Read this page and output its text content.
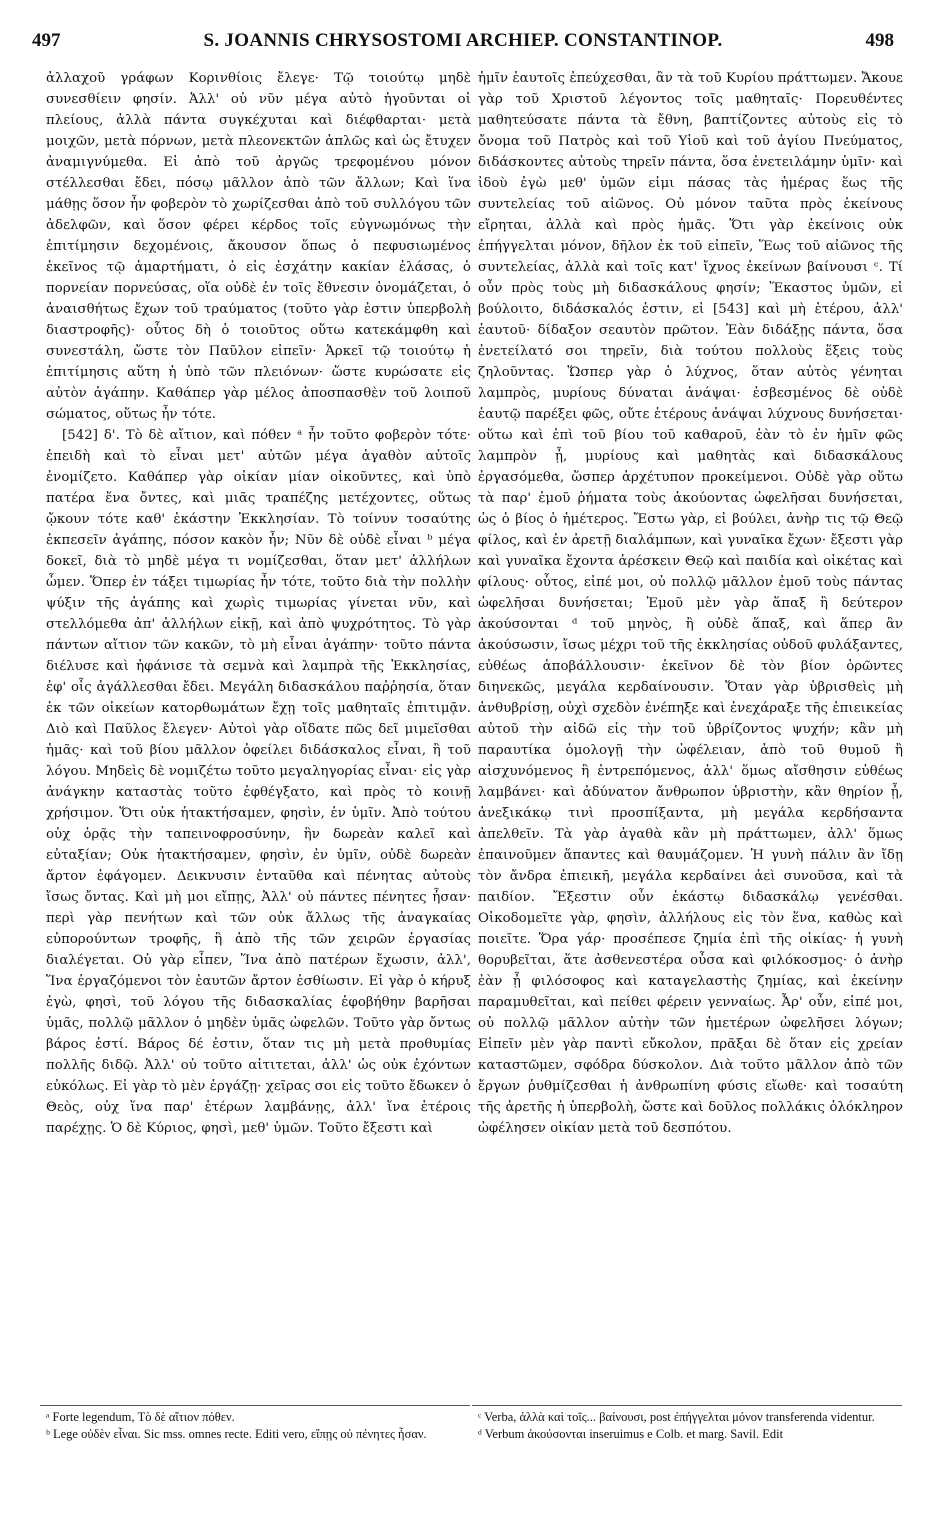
497	S. JOANNIS CHRYSOSTOMI ARCHIEP. CONSTANTINOP.	498

ἀλλαχοῦ γράφων Κορινθίοις ἔλεγε· Τῷ τοιούτῳ μηδὲ συνεσθίειν φησίν. Ἀλλ' οὐ νῦν μέγα αὐτὸ ἡγοῦνται οἱ πλείους, ἀλλὰ πάντα συγκέχυται καὶ διέφθαρται· μετὰ μοιχῶν, μετὰ πόρνων, μετὰ πλεονεκτῶν ἁπλῶς καὶ ὡς ἔτυχεν ἀναμιγνύμεθα. Εἰ ἀπὸ τοῦ ἀργῶς τρεφομένου μόνον στέλλεσθαι ἔδει, πόσῳ μᾶλλον ἀπὸ τῶν ἄλλων; Καὶ ἵνα μάθῃς ὅσον ἦν φοβερὸν τὸ χωρίζεσθαι ἀπὸ τοῦ συλλόγου τῶν ἀδελφῶν, καὶ ὅσον φέρει κέρδος τοῖς εὐγνωμόνως τὴν ἐπιτίμησιν δεχομένοις, ἄκουσον ὅπως ὁ πεφυσιωμένος ἐκεῖνος τῷ ἁμαρτήματι, ὁ εἰς ἐσχάτην κακίαν ἐλάσας, ὁ πορνείαν πορνεύσας, οἵα οὐδὲ ἐν τοῖς ἔθνεσιν ὀνομάζεται, ὁ ἀναισθήτως ἔχων τοῦ τραύματος (τοῦτο γὰρ ἐστιν ὑπερβολὴ διαστροφῆς)· οὗτος δὴ ὁ τοιοῦτος οὕτω κατεκάμφθη καὶ συνεστάλη, ὥστε τὸν Παῦλον εἰπεῖν· Ἀρκεῖ τῷ τοιούτῳ ἡ ἐπιτίμησις αὕτη ἡ ὑπὸ τῶν πλειόνων· ὥστε κυρώσατε εἰς αὐτὸν ἀγάπην. Καθάπερ γὰρ μέλος ἀποσπασθὲν τοῦ λοιποῦ σώματος, οὕτως ἦν τότε.

[542] δ'. Τὸ δὲ αἴτιον, καὶ πόθεν ᵃ ἦν τοῦτο φοβερὸν τότε· ἐπειδὴ καὶ τὸ εἶναι μετ' αὐτῶν μέγα ἀγαθὸν αὐτοῖς ἐνομίζετο. Καθάπερ γὰρ οἰκίαν μίαν οἰκοῦντες, καὶ ὑπὸ πατέρα ἕνα ὄντες, καὶ μιᾶς τραπέζης μετέχοντες, οὕτως ᾤκουν τότε καθ' ἑκάστην Ἐκκλησίαν. Τὸ τοίνυν τοσαύτης ἐκπεσεῖν ἀγάπης, πόσον κακὸν ἦν; Νῦν δὲ οὐδὲ εἶναι ᵇ μέγα δοκεῖ, διὰ τὸ μηδὲ μέγα τι νομίζεσθαι, ὅταν μετ' ἀλλήλων ὦμεν. Ὅπερ ἐν τάξει τιμωρίας ἦν τότε, τοῦτο διὰ τὴν πολλὴν ψύξιν τῆς ἀγάπης καὶ χωρὶς τιμωρίας γίνεται νῦν, καὶ στελλόμεθα ἀπ' ἀλλήλων εἰκῇ, καὶ ἀπὸ ψυχρότητος. Τὸ γὰρ πάντων αἴτιον τῶν κακῶν, τὸ μὴ εἶναι ἀγάπην· τοῦτο πάντα διέλυσε καὶ ἠφάνισε τὰ σεμνὰ καὶ λαμπρὰ τῆς Ἐκκλησίας, ἐφ' οἷς ἀγάλλεσθαι ἔδει. Μεγάλη διδασκάλου παῤῥησία, ὅταν ἐκ τῶν οἰκείων κατορθωμάτων ἔχῃ τοῖς μαθηταῖς ἐπιτιμᾷν. Διὸ καὶ Παῦλος ἔλεγεν· Αὐτοὶ γὰρ οἴδατε πῶς δεῖ μιμεῖσθαι ἡμᾶς· καὶ τοῦ βίου μᾶλλον ὀφείλει διδάσκαλος εἶναι, ἢ τοῦ λόγου. Μηδεὶς δὲ νομιζέτω τοῦτο μεγαληγορίας εἶναι· εἰς γὰρ ἀνάγκην καταστὰς τοῦτο ἐφθέγξατο, καὶ πρὸς τὸ κοινῇ χρήσιμον. Ὅτι οὐκ ἠτακτήσαμεν, φησὶν, ἐν ὑμῖν. Ἀπὸ τούτου οὐχ ὁρᾷς τὴν ταπεινοφροσύνην, ἣν δωρεὰν καλεῖ καὶ εὐταξίαν; Οὐκ ἠτακτήσαμεν, φησὶν, ἐν ὑμῖν, οὐδὲ δωρεὰν ἄρτον ἐφάγομεν. Δεικνυσιν ἐνταῦθα καὶ πένητας αὐτοὺς ἴσως ὄντας. Καὶ μὴ μοι εἴπῃς, Ἀλλ' οὐ πάντες πένητες ἦσαν· περὶ γὰρ πενήτων καὶ τῶν οὐκ ἄλλως τῆς ἀναγκαίας εὐπορούντων τροφῆς, ἢ ἀπὸ τῆς τῶν χειρῶν ἐργασίας διαλέγεται. Οὐ γὰρ εἶπεν, Ἵνα ἀπὸ πατέρων ἔχωσιν, ἀλλ', Ἵνα ἐργαζόμενοι τὸν ἑαυτῶν ἄρτον ἐσθίωσιν. Εἰ γὰρ ὁ κήρυξ ἐγὼ, φησὶ, τοῦ λόγου τῆς διδασκαλίας ἐφοβήθην βαρῆσαι ὑμᾶς, πολλῷ μᾶλλον ὁ μηδὲν ὑμᾶς ὠφελῶν. Τοῦτο γὰρ ὄντως βάρος ἐστί. Βάρος δέ ἐστιν, ὅταν τις μὴ μετὰ προθυμίας πολλῆς διδῷ. Ἀλλ' οὐ τοῦτο αἰτιτεται, ἀλλ' ὡς οὐκ ἐχόντων εὐκόλως. Εἰ γὰρ τὸ μὲν ἐργάζῃ· χεῖρας σοι εἰς τοῦτο ἔδωκεν ὁ Θεὸς, οὐχ ἵνα παρ' ἑτέρων λαμβάνῃς, ἀλλ' ἵνα ἑτέροις παρέχῃς. Ὁ δὲ Κύριος, φησὶ, μεθ' ὑμῶν. Τοῦτο ἔξεστι καὶ

ἡμῖν ἑαυτοῖς ἐπεύχεσθαι, ἂν τὰ τοῦ Κυρίου πράττωμεν. Ἄκουε γὰρ τοῦ Χριστοῦ λέγοντος τοῖς μαθηταῖς· Πορευθέντες μαθητεύσατε πάντα τὰ ἔθνη, βαπτίζοντες αὐτοὺς εἰς τὸ ὄνομα τοῦ Πατρὸς καὶ τοῦ Υἱοῦ καὶ τοῦ ἁγίου Πνεύματος, διδάσκοντες αὐτοὺς τηρεῖν πάντα, ὅσα ἐνετειλάμην ὑμῖν· καὶ ἰδοὺ ἐγὼ μεθ' ὑμῶν εἰμι πάσας τὰς ἡμέρας ἕως τῆς συντελείας τοῦ αἰῶνος. Οὐ μόνον ταῦτα πρὸς ἐκείνους εἴρηται, ἀλλὰ καὶ πρὸς ἡμᾶς. Ὅτι γὰρ ἐκείνοις οὐκ ἐπήγγελται μόνον, δῆλον ἐκ τοῦ εἰπεῖν, Ἕως τοῦ αἰῶνος τῆς συντελείας, ἀλλὰ καὶ τοῖς κατ' ἴχνος ἐκείνων βαίνουσι ᶜ. Τί οὖν πρὸς τοὺς μὴ διδασκάλους φησίν; Ἕκαστος ὑμῶν, εἰ βούλοιτο, διδάσκαλός ἐστιν, εἰ [543] καὶ μὴ ἑτέρου, ἀλλ' ἑαυτοῦ· δίδαξον σεαυτὸν πρῶτον. Ἐὰν διδάξῃς πάντα, ὅσα ἐνετείλατό σοι τηρεῖν, διὰ τούτου πολλοὺς ἕξεις τοὺς ζηλοῦντας. Ὥσπερ γὰρ ὁ λύχνος, ὅταν αὐτὸς γένηται λαμπρὸς, μυρίους δύναται ἀνάψαι· ἐσβεσμένος δὲ οὐδὲ ἑαυτῷ παρέξει φῶς, οὔτε ἑτέρους ἀνάψαι λύχνους δυνήσεται· οὕτω καὶ ἐπὶ τοῦ βίου τοῦ καθαροῦ, ἐὰν τὸ ἐν ἡμῖν φῶς λαμπρὸν ᾖ, μυρίους καὶ μαθητὰς καὶ διδασκάλους ἐργασόμεθα, ὥσπερ ἀρχέτυπον προκείμενοι. Οὐδὲ γὰρ οὕτω τὰ παρ' ἐμοῦ ῥήματα τοὺς ἀκούοντας ὠφελῆσαι δυνήσεται, ὡς ὁ βίος ὁ ἡμέτερος. Ἔστω γὰρ, εἰ βούλει, ἀνὴρ τις τῷ Θεῷ φίλος, καὶ ἐν ἀρετῇ διαλάμπων, καὶ γυναῖκα ἔχων· ἔξεστι γὰρ καὶ γυναῖκα ἔχοντα ἀρέσκειν Θεῷ καὶ παιδία καὶ οἰκέτας καὶ φίλους· οὗτος, εἰπέ μοι, οὐ πολλῷ μᾶλλον ἐμοῦ τοὺς πάντας ὠφελῆσαι δυνήσεται; Ἐμοῦ μὲν γὰρ ἅπαξ ἢ δεύτερον ἀκούσονται ᵈ τοῦ μηνὸς, ἢ οὐδὲ ἅπαξ, καὶ ἅπερ ἂν ἀκούσωσιν, ἴσως μέχρι τοῦ τῆς ἐκκλησίας οὐδοῦ φυλάξαντες, εὐθέως ἀποβάλλουσιν· ἐκεῖνον δὲ τὸν βίον ὁρῶντες διηνεκῶς, μεγάλα κερδαίνουσιν. Ὅταν γὰρ ὑβρισθεὶς μὴ ἀνθυβρίσῃ, οὐχὶ σχεδὸν ἐνέπηξε καὶ ἐνεχάραξε τῆς ἐπιεικείας αὐτοῦ τὴν αἰδῶ εἰς τὴν τοῦ ὑβρίζοντος ψυχήν; κἂν μὴ παραυτίκα ὁμολογῇ τὴν ὠφέλειαν, ἀπὸ τοῦ θυμοῦ ἢ αἰσχυνόμενος ἢ ἐντρεπόμενος, ἀλλ' ὅμως αἴσθησιν εὐθέως λαμβάνει· καὶ ἀδύνατον ἄνθρωπον ὑβριστὴν, κἂν θηρίον ᾖ, ἀνεξικάκῳ τινὶ προσπίξαντα, μὴ μεγάλα κερδήσαντα ἀπελθεῖν. Τὰ γὰρ ἀγαθὰ κἂν μὴ πράττωμεν, ἀλλ' ὅμως ἐπαινοῦμεν ἅπαντες καὶ θαυμάζομεν. Ἡ γυνὴ πάλιν ἂν ἴδῃ τὸν ἄνδρα ἐπιεικῆ, μεγάλα κερδαίνει ἀεὶ συνοῦσα, καὶ τὰ παιδίον. Ἔξεστιν οὖν ἑκάστῳ διδασκάλῳ γενέσθαι. Οἰκοδομεῖτε γὰρ, φησὶν, ἀλλήλους εἰς τὸν ἕνα, καθὼς καὶ ποιεῖτε. Ὅρα γάρ· προσέπεσε ζημία ἐπὶ τῆς οἰκίας· ἡ γυνὴ θορυβεῖται, ἅτε ἀσθενεστέρα οὖσα καὶ φιλόκοσμος· ὁ ἀνὴρ ἐὰν ᾖ φιλόσοφος καὶ καταγελαστὴς ζημίας, καὶ ἐκείνην παραμυθεῖται, καὶ πείθει φέρειν γενναίως. Ἆρ' οὖν, εἰπέ μοι, οὐ πολλῷ μᾶλλον αὐτὴν τῶν ἡμετέρων ὠφελῆσει λόγων; Εἰπεῖν μὲν γὰρ παντὶ εὔκολον, πρᾶξαι δὲ ὅταν εἰς χρείαν καταστῶμεν, σφόδρα δύσκολον. Διὰ τοῦτο μᾶλλον ἀπὸ τῶν ἔργων ῥυθμίζεσθαι ἡ ἀνθρωπίνη φύσις εἴωθε· καὶ τοσαύτη τῆς ἀρετῆς ἡ ὑπερβολὴ, ὥστε καὶ δοῦλος πολλάκις ὁλόκληρον ὠφέλησεν οἰκίαν μετὰ τοῦ δεσπότου.

ᵃ Forte legendum, Τὸ δὲ αἴτιον πόθεν.

ᵇ Lege οὐδὲν εἶναι. Sic mss. omnes recte. Editi vero, εἴπῃς οὐ πένητες ἦσαν.

ᶜ Verba, ἀλλὰ καὶ τοῖς... βαίνουσι, post ἐπήγγελται μόνον transferenda videntur.

ᵈ Verbum ἀκούσονται inseruimus e Colb. et marg. Savil. Edit
